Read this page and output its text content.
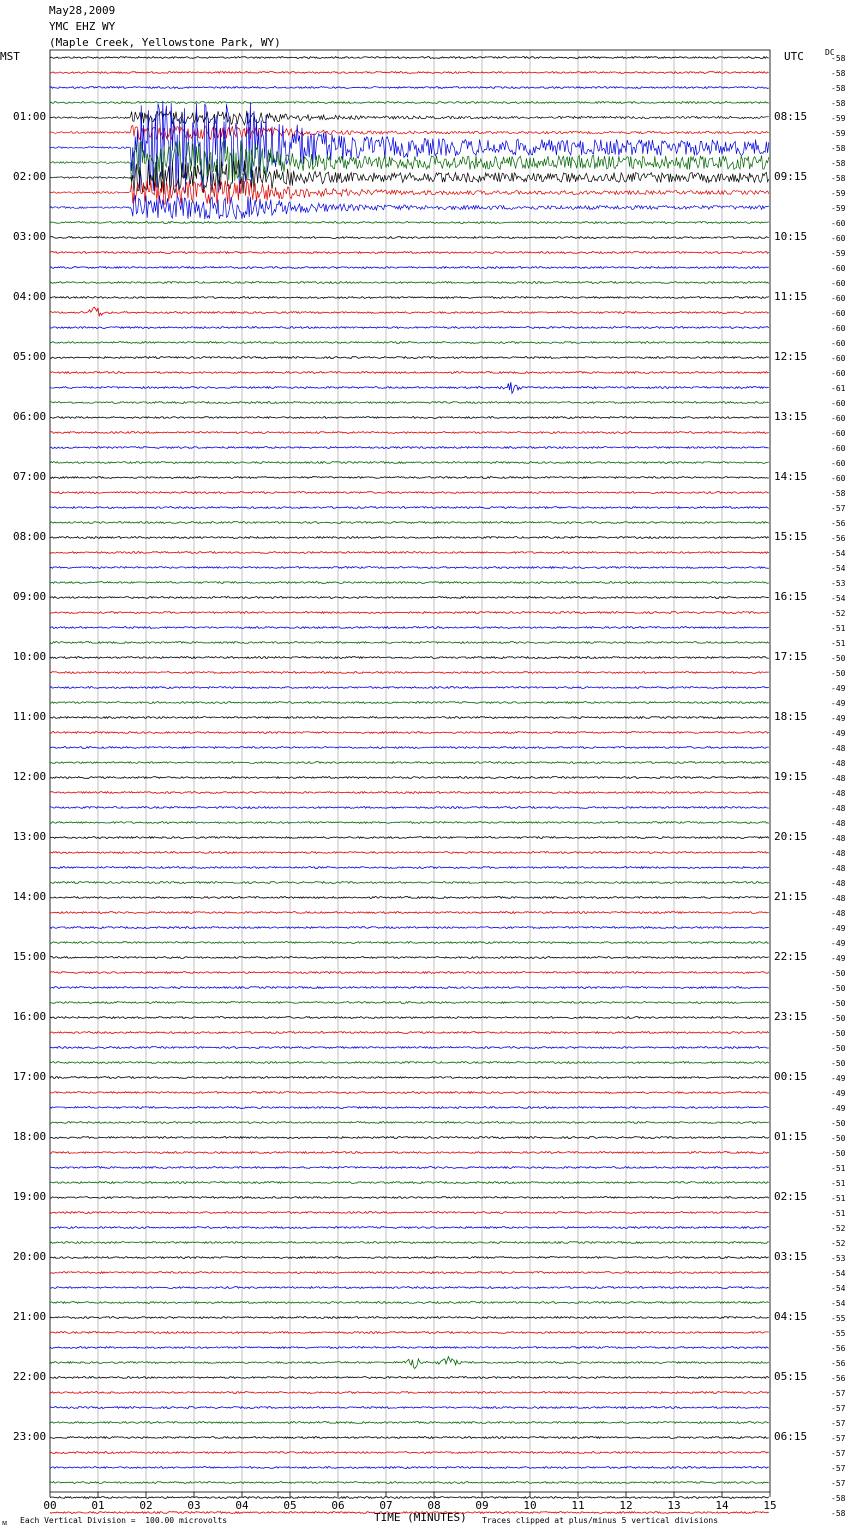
May28,2009
YMC EHZ WY
(Maple Creek, Yellowstone Park, WY)
MST	UTC	DC
01:00
02:00
03:00
04:00
05:00
06:00
07:00
08:00
09:00
10:00
11:00
12:00
13:00
14:00
15:00
16:00
17:00
18:00
19:00
20:00
21:00
22:00
23:00
08:15
09:15
10:15
11:15
12:15
13:15
14:15
15:15
16:15
17:15
18:15
19:15
20:15
21:15
22:15
23:15
00:15
01:15
02:15
03:15
04:15
05:15
06:15
-58
-58
-58
-58
-59
-59
-58
-58
-58
-59
-59
-60
-60
-59
-60
-60
-60
-60
-60
-60
-60
-60
-61
-60
-60
-60
-60
-60
-60
-58
-57
-56
-56
-54
-54
-53
-54
-52
-51
-51
-50
-50
-49
-49
-49
-49
-48
-48
-48
-48
-48
-48
-48
-48
-48
-48
-48
-48
-49
-49
-49
-50
-50
-50
-50
-50
-50
-50
-49
-49
-49
-50
-50
-50
-51
-51
-51
-51
-52
-52
-53
-54
-54
-54
-55
-55
-56
-56
-56
-57
-57
-57
-57
-57
-57
-57
-58
-58
00	01	02	03	04	05	06	07	08	09	10	11	12	13	14	15
TIME (MINUTES)
ᴍ Each Vertical Division =  100.00 microvolts	Traces clipped at plus/minus 5 vertical divisions
